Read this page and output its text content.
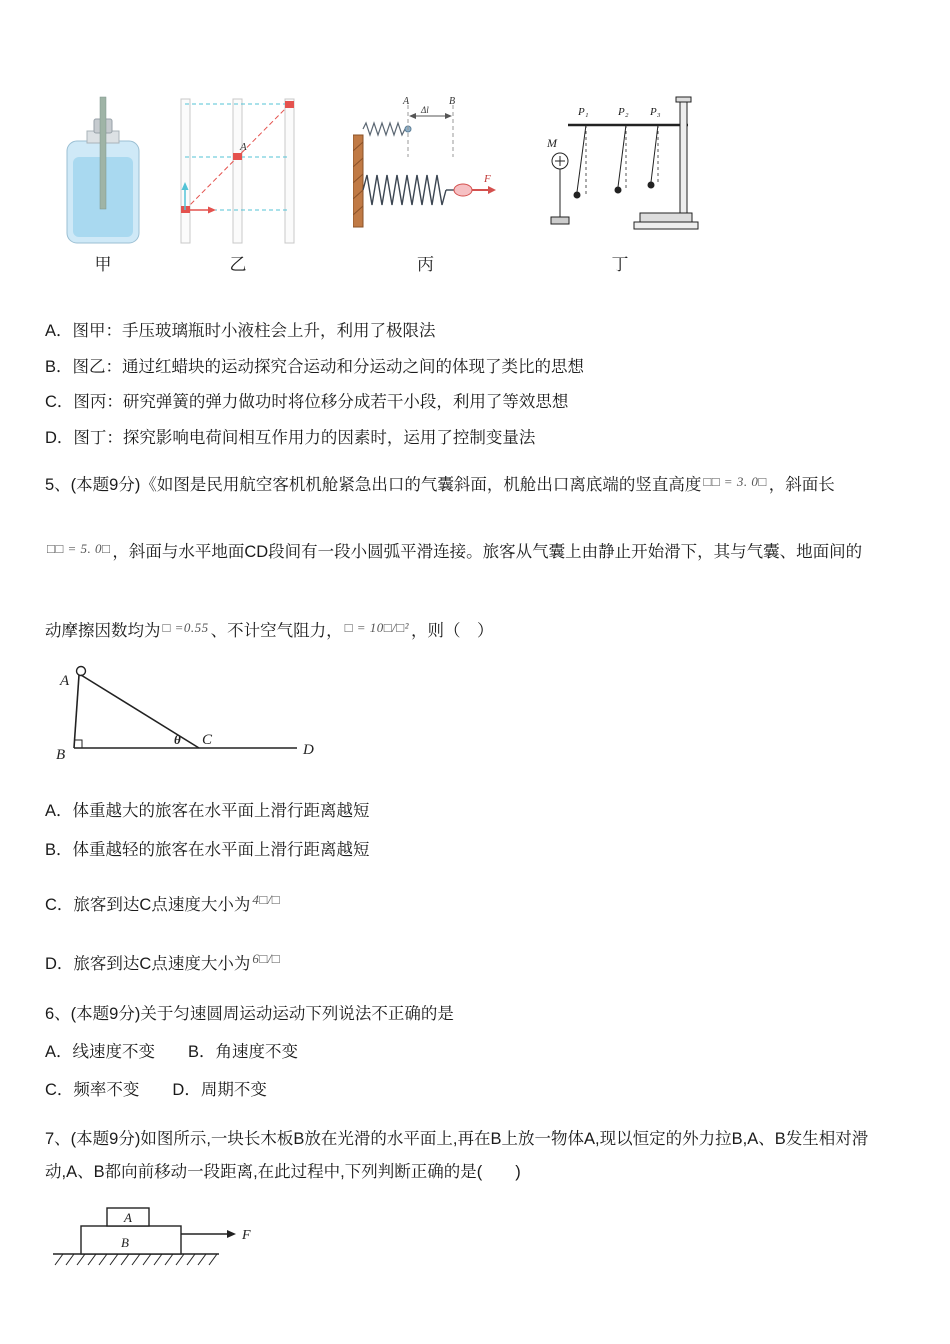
甲
A
乙
A	B
Δl
F
丙
P₁	P₂ P₃
M
丁
A．图甲：手压玻璃瓶时小液柱会上升，利用了极限法
B．图乙：通过红蜡块的运动探究合运动和分运动之间的体现了类比的思想
C．图丙：研究弹簧的弹力做功时将位移分成若干小段，利用了等效思想
D．图丁：探究影响电荷间相互作用力的因素时，运用了控制变量法
5、(本题9分)《如图是民用航空客机机舱紧急出口的气囊斜面，机舱出口离底端的竖直高度 $^{□□ = 3. 0□}$ ，斜面长
$^{□□ = 5. 0□}$ ，斜面与水平地面CD段间有一段小圆弧平滑连接。旅客从气囊上由静止开始滑下，其与气囊、地面间的
动摩擦因数均为 $^{□ =0.55}$ 、不计空气阻力， $^{□ = 10□/□^2}$ ，则（　）
θ
A
B
C
D
A．体重越大的旅客在水平面上滑行距离越短
B．体重越轻的旅客在水平面上滑行距离越短
C．旅客到达C点速度大小为 $^{4□/□}$
D．旅客到达C点速度大小为 $^{6□/□}$
6、(本题9分)关于匀速圆周运动运动下列说法不正确的是
A．线速度不变　　B．角速度不变
C．频率不变　　D．周期不变
7、(本题9分)如图所示,一块长木板B放在光滑的水平面上,再在B上放一物体A,现以恒定的外力拉B,A、B发生相对滑动,A、B都向前移动一段距离,在此过程中,下列判断正确的是(　　)
B
A
F
